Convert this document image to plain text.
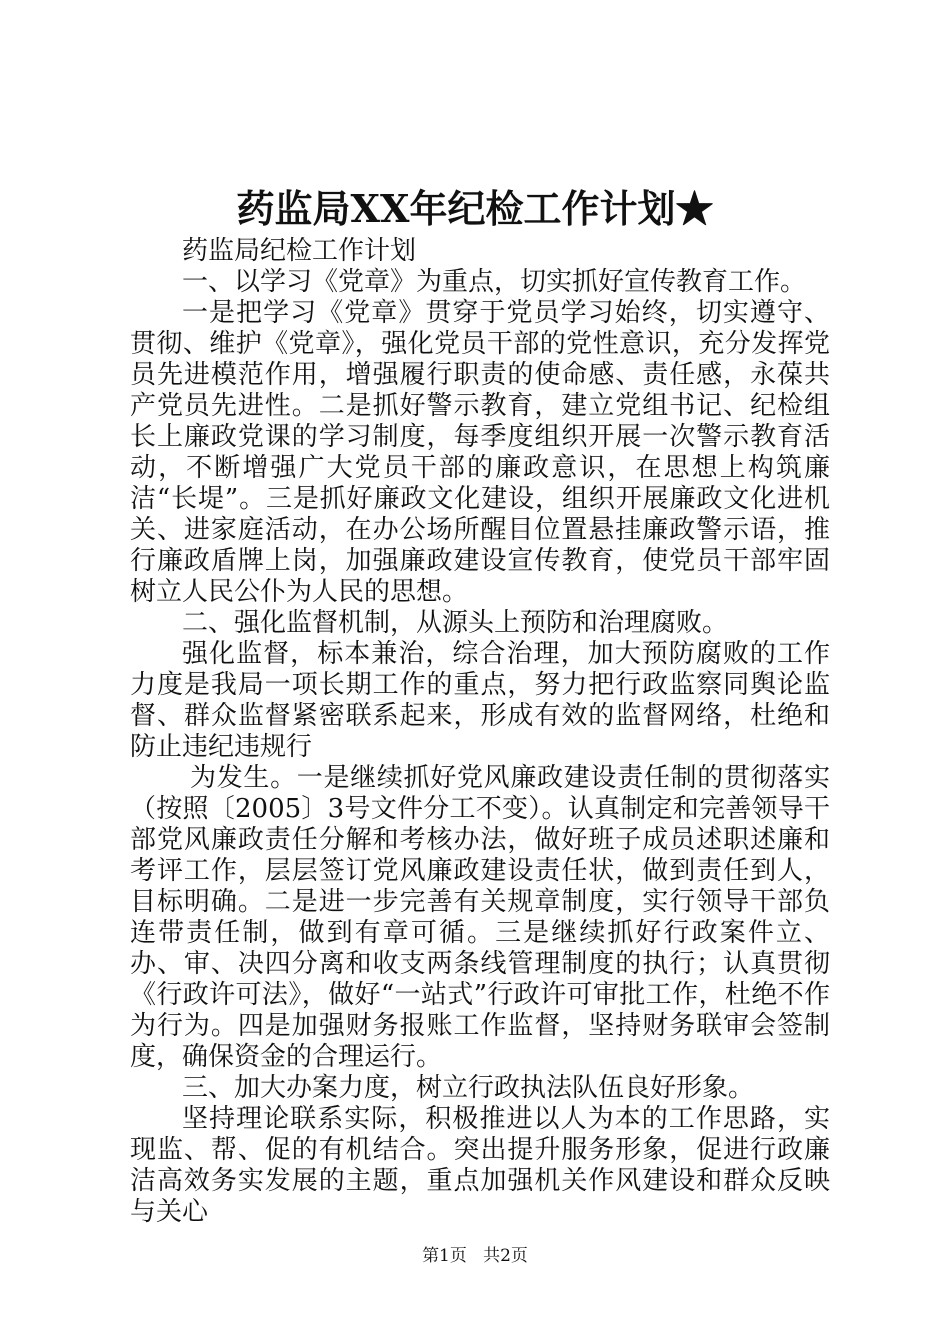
药监局XX年纪检工作计划★

药监局纪检工作计划

一、以学习《党章》为重点，切实抓好宣传教育工作。

一是把学习《党章》贯穿于党员学习始终，切实遵守、贯彻、维护《党章》，强化党员干部的党性意识，充分发挥党员先进模范作用，增强履行职责的使命感、责任感，永葆共产党员先进性。二是抓好警示教育，建立党组书记、纪检组长上廉政党课的学习制度，每季度组织开展一次警示教育活动，不断增强广大党员干部的廉政意识，在思想上构筑廉洁“长堤”。三是抓好廉政文化建设，组织开展廉政文化进机关、进家庭活动，在办公场所醒目位置悬挂廉政警示语，推行廉政盾牌上岗，加强廉政建设宣传教育，使党员干部牢固树立人民公仆为人民的思想。

二、强化监督机制，从源头上预防和治理腐败。

强化监督，标本兼治，综合治理，加大预防腐败的工作力度是我局一项长期工作的重点，努力把行政监察同舆论监督、群众监督紧密联系起来，形成有效的监督网络，杜绝和防止违纪违规行

为发生。一是继续抓好党风廉政建设责任制的贯彻落实（按照〔2005〕3号文件分工不变）。认真制定和完善领导干部党风廉政责任分解和考核办法，做好班子成员述职述廉和考评工作，层层签订党风廉政建设责任状，做到责任到人，目标明确。二是进一步完善有关规章制度，实行领导干部负连带责任制，做到有章可循。三是继续抓好行政案件立、办、审、决四分离和收支两条线管理制度的执行；认真贯彻《行政许可法》，做好“一站式”行政许可审批工作，杜绝不作为行为。四是加强财务报账工作监督，坚持财务联审会签制度，确保资金的合理运行。

三、加大办案力度，树立行政执法队伍良好形象。

坚持理论联系实际，积极推进以人为本的工作思路，实现监、帮、促的有机结合。突出提升服务形象，促进行政廉洁高效务实发展的主题，重点加强机关作风建设和群众反映与关心

第1页 共2页
